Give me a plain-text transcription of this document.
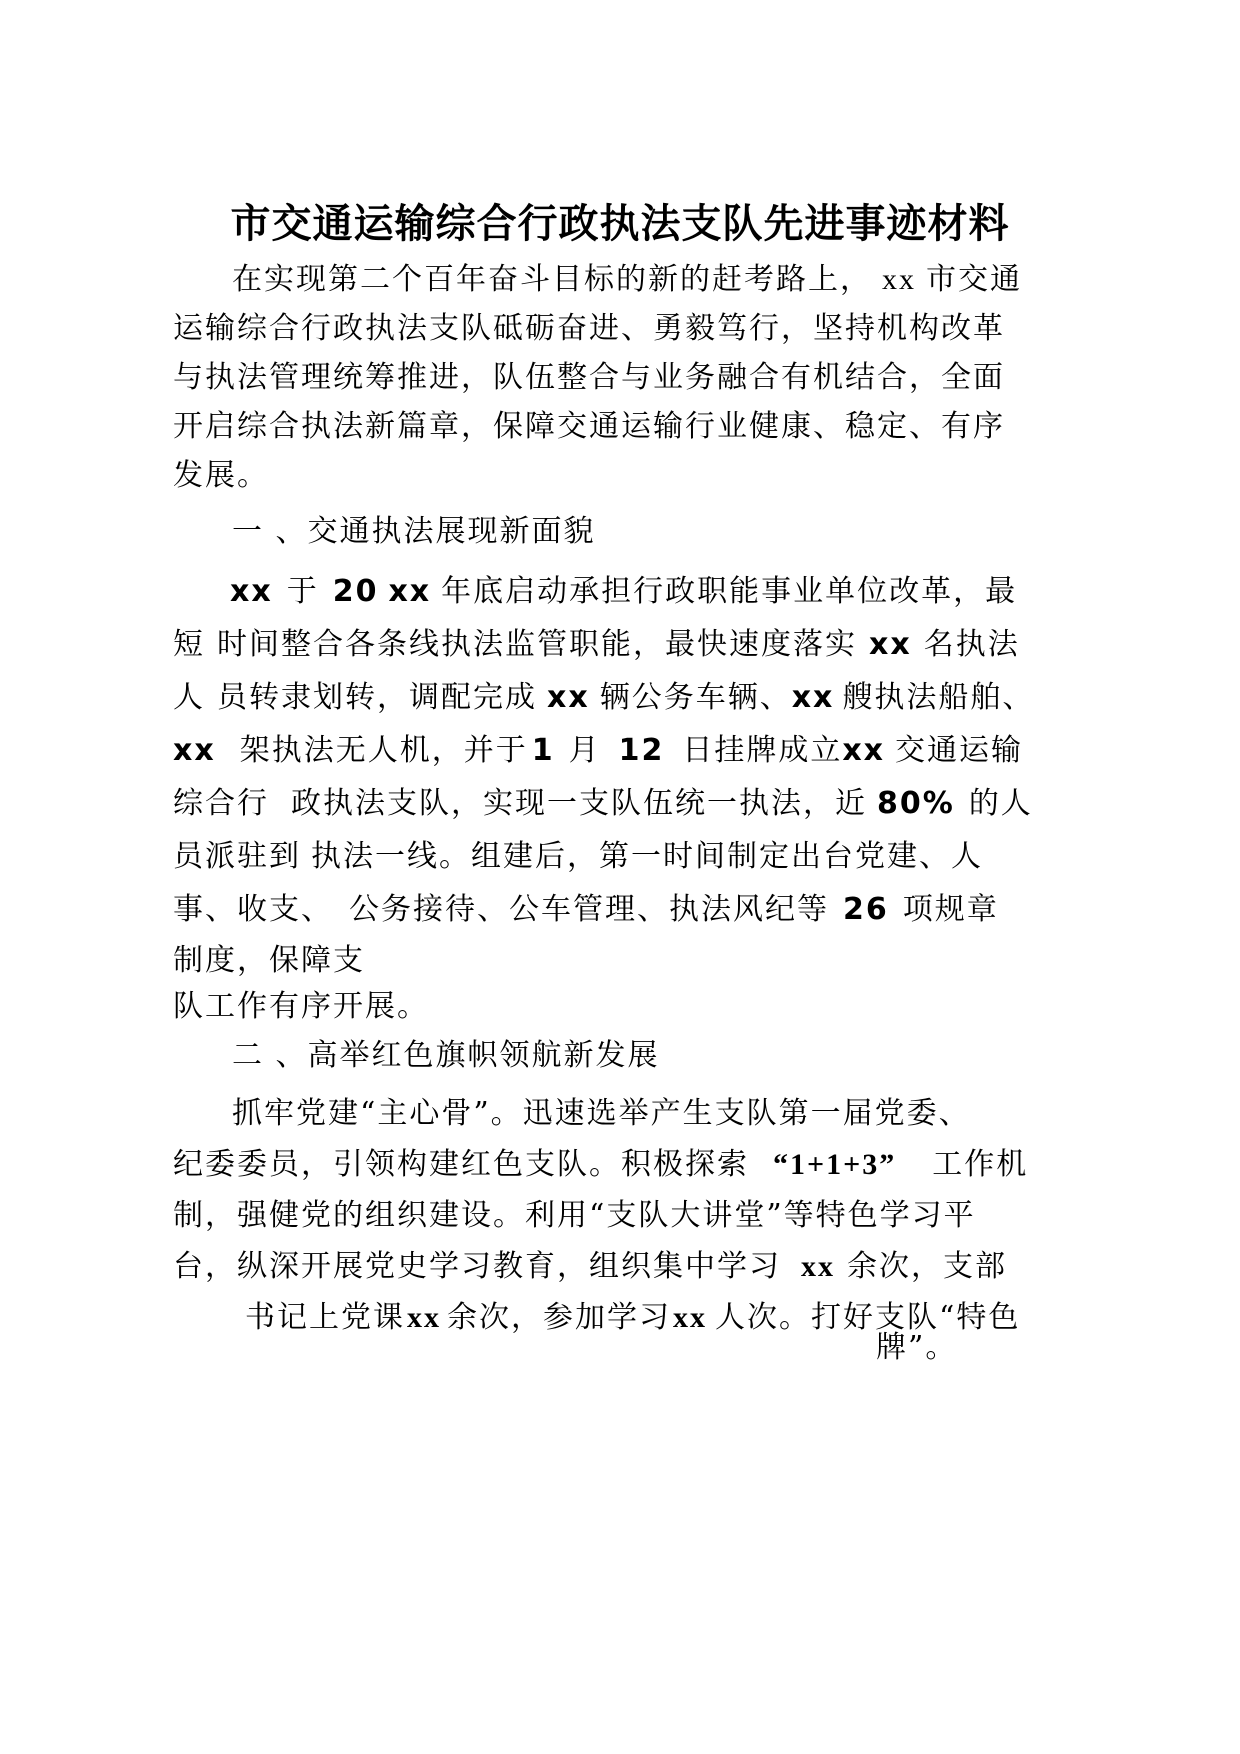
市交通运输综合行政执法支队先进事迹材料
在实现第二个百年奋斗目标的新的赶考路上， xx 市交通
运输综合行政执法支队砥砺奋进、勇毅笃行，坚持机构改革
与执法管理统筹推进，队伍整合与业务融合有机结合，全面
开启综合执法新篇章，保障交通运输行业健康、稳定、有序
发展。
一 、交通执法展现新面貌
xx 于 20 xx 年底启动承担行政职能事业单位改革，最
短 时间整合各条线执法监管职能，最快速度落实 xx 名执法
人 员转隶划转，调配完成 xx 辆公务车辆、xx 艘执法船舶、
xx 架执法无人机，并于 1 月 12 日挂牌成立xx 交通运输
综合行 政执法支队，实现一支队伍统一执法，近 80% 的人
员派驻到 执法一线。组建后，第一时间制定出台党建、人
事、收支、 公务接待、公车管理、执法风纪等 26 项规章
制度，保障支
队工作有序开展。
二 、高举红色旗帜领航新发展
抓牢党建“主心骨”。迅速选举产生支队第一届党委、
纪委委员，引领构建红色支队。积极探索 “1+1+3” 工作机
制，强健党的组织建设。利用“支队大讲堂”等特色学习平
台，纵深开展党史学习教育，组织集中学习 xx 余次，支部
书记上党课xx 余次，参加学习xx 人次。打好支队“特色
牌”。
